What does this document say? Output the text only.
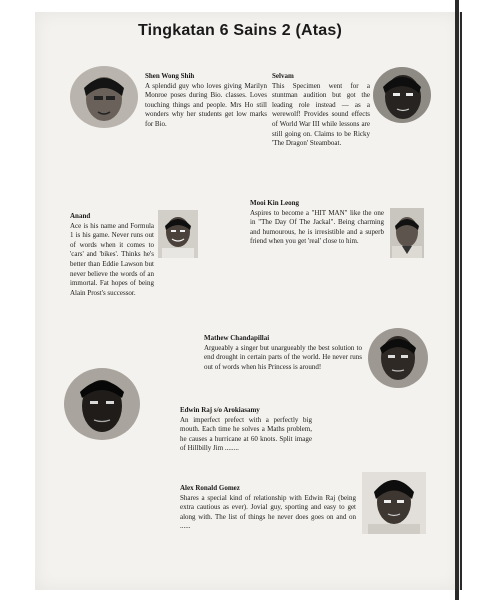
Tingkatan 6 Sains 2 (Atas)
Shen Wong Shih
A splendid guy who loves giving Marilyn Monroe poses during Bio. classes. Loves touching things and people. Mrs Ho still wonders why her students get low marks for Bio.
Selvam
This Specimen went for a stuntman audition but got the leading role instead — as a werewolf! Provides sound effects of World War III while lessons are still going on. Claims to be Ricky 'The Dragon' Steamboat.
Mooi Kin Leong
Aspires to become a "HIT MAN" like the one in "The Day Of The Jackal". Being charming and humourous, he is irresistible and a superb friend when you get 'real' close to him.
Anand
Ace is his name and Formula 1 is his game. Never runs out of words when it comes to 'cars' and 'bikes'. Thinks he's better than Eddie Lawson but never believe the words of an immortal. Fat hopes of being Alain Prost's successor.
Mathew Chandapillai
Argueably a singer but unargueably the best solution to end drought in certain parts of the world. He never runs out of words when his Princess is around!
Edwin Raj s/o Arokiasamy
An imperfect prefect with a perfectly big mouth. Each time he solves a Maths problem, he causes a hurricane at 60 knots. Split image of Hillbilly Jim ........
Alex Ronald Gomez
Shares a special kind of relationship with Edwin Raj (being extra cautious as ever). Jovial guy, sporting and easy to get along with. The list of things he never does goes on and on ......
